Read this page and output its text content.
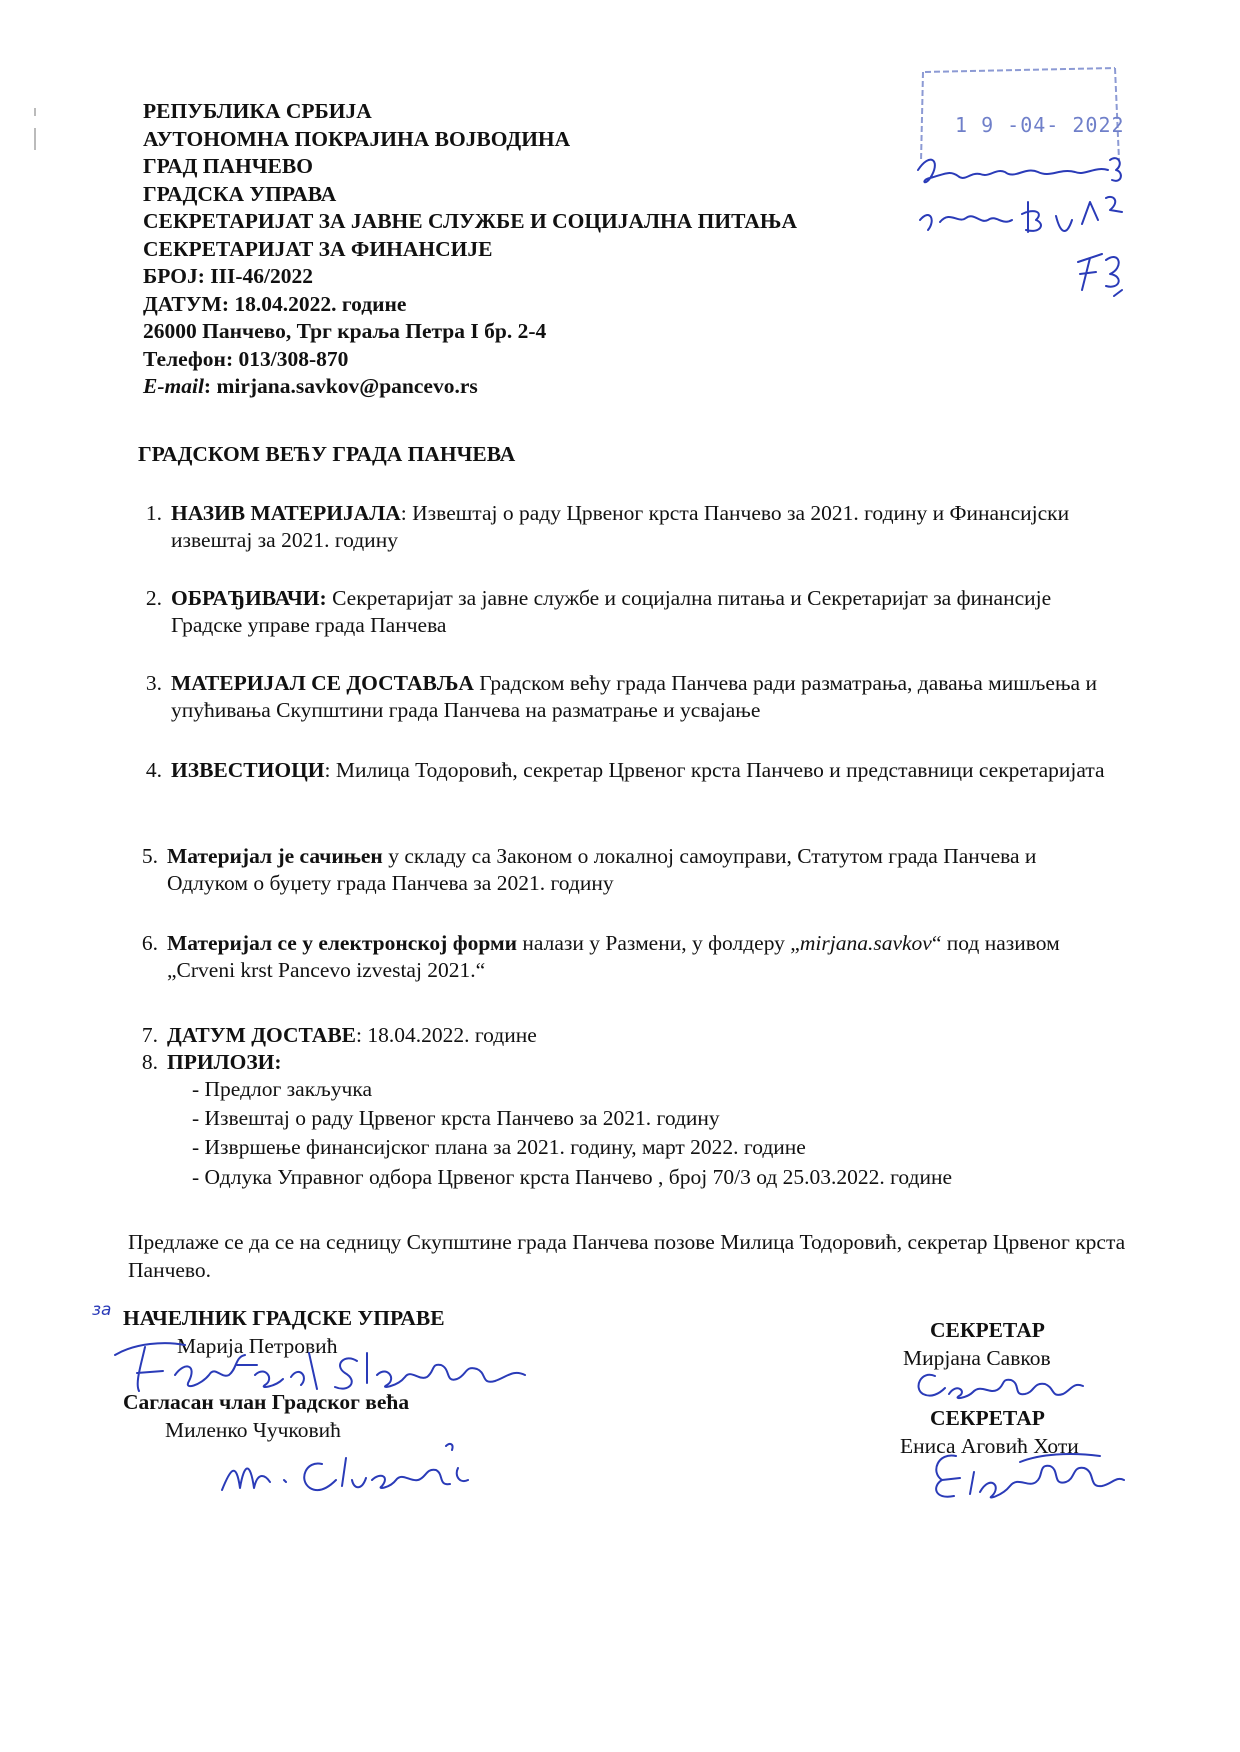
РЕПУБЛИКА СРБИЈА
АУТОНОМНА ПОКРАЈИНА ВОЈВОДИНА
ГРАД ПАНЧЕВО
ГРАДСКА УПРАВА
СЕКРЕТАРИЈАТ ЗА ЈАВНЕ СЛУЖБЕ И СОЦИЈАЛНА ПИТАЊА
СЕКРЕТАРИЈАТ ЗА ФИНАНСИЈЕ
БРОЈ: III-46/2022
ДАТУМ: 18.04.2022. године
26000 Панчево, Трг краља Петра I бр. 2-4
Телефон: 013/308-870
E-mail: mirjana.savkov@pancevo.rs
1 9 -04- 2022
ГРАДСКОМ ВЕЋУ ГРАДА ПАНЧЕВА
1. НАЗИВ МАТЕРИЈАЛА: Извештај о раду Црвеног крста Панчево за 2021. годину и Финансијски извештај за 2021. годину
2. ОБРАЂИВАЧИ: Секретаријат за јавне службе и социјална питања и Секретаријат за финансије Градске управе града Панчева
3. МАТЕРИЈАЛ СЕ ДОСТАВЉА Градском већу града Панчева ради разматрања, давања мишљења и упућивања Скупштини града Панчева на разматрање и усвајање
4. ИЗВЕСТИОЦИ: Милица Тодоровић, секретар Црвеног крста Панчево и представници секретаријата
5. Материјал је сачињен у складу са Законом о локалној самоуправи, Статутом града Панчева и Одлуком о буџету града Панчева за 2021. годину
6. Материјал се у електронској форми налази у Размени, у фолдеру „mirjana.savkov“ под називом „Crveni krst Pancevo izvestaj 2021.“
7. ДАТУМ ДОСТАВЕ: 18.04.2022. године
8. ПРИЛОЗИ:
- Предлог закључка
- Извештај о раду Црвеног крста Панчево за 2021. годину
- Извршење финансијског плана за 2021. годину, март 2022. године
- Одлука Управног одбора Црвеног крста Панчево , број 70/3 од 25.03.2022. године
Предлаже се да се на седницу Скупштине града Панчева позове Милица Тодоровић, секретар Црвеног крста Панчево.
за НАЧЕЛНИК ГРАДСКЕ УПРАВЕ
Марија Петровић
Сагласан члан Градског већа
Миленко Чучковић
СЕКРЕТАР
Мирјана Савков
СЕКРЕТАР
Ениса Аговић Хоти
